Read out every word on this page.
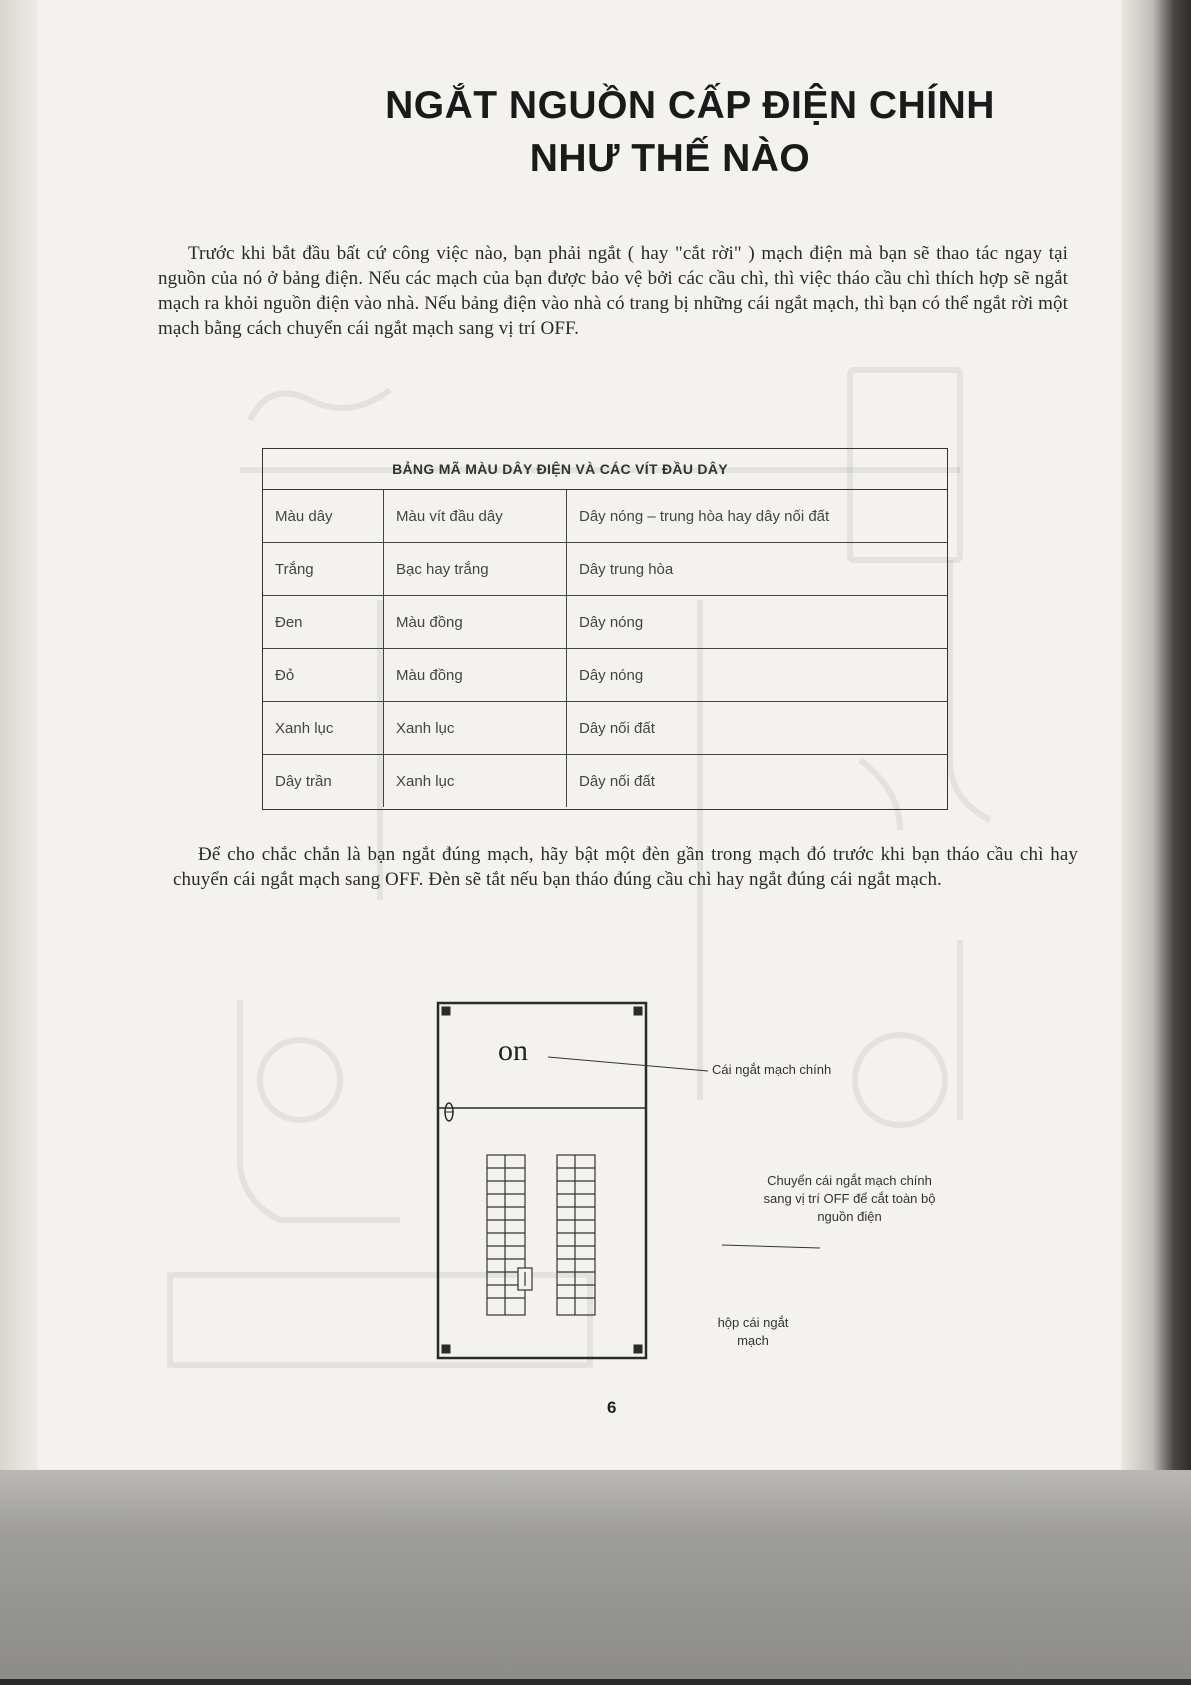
NGẮT NGUỒN CẤP ĐIỆN CHÍNH
NHƯ THẾ NÀO
Trước khi bắt đầu bất cứ công việc nào, bạn phải ngắt ( hay "cắt rời" ) mạch điện mà bạn sẽ thao tác ngay tại nguồn của nó ở bảng điện. Nếu các mạch của bạn được bảo vệ bởi các cầu chì, thì việc tháo cầu chì thích hợp sẽ ngắt mạch ra khỏi nguồn điện vào nhà. Nếu bảng điện vào nhà có trang bị những cái ngắt mạch, thì bạn có thể ngắt rời một mạch bằng cách chuyển cái ngắt mạch sang vị trí OFF.
BẢNG MÃ MÀU DÂY ĐIỆN VÀ CÁC VÍT ĐẦU DÂY
Màu dây	Màu vít đầu dây	Dây nóng – trung hòa hay dây nối đất
Trắng	Bạc hay trắng	Dây trung hòa
Đen	Màu đồng	Dây nóng
Đỏ	Màu đồng	Dây nóng
Xanh lục	Xanh lục	Dây nối đất
Dây trần	Xanh lục	Dây nối đất
Để cho chắc chắn là bạn ngắt đúng mạch, hãy bật một đèn gần trong mạch đó trước khi bạn tháo cầu chì hay chuyển cái ngắt mạch sang OFF. Đèn sẽ tắt nếu bạn tháo đúng cầu chì hay ngắt đúng cái ngắt mạch.
on
Cái ngắt mạch chính
Chuyển cái ngắt mạch chính
sang vị trí OFF để cắt toàn bộ
nguồn điện
hộp cái ngắt
mạch
6
